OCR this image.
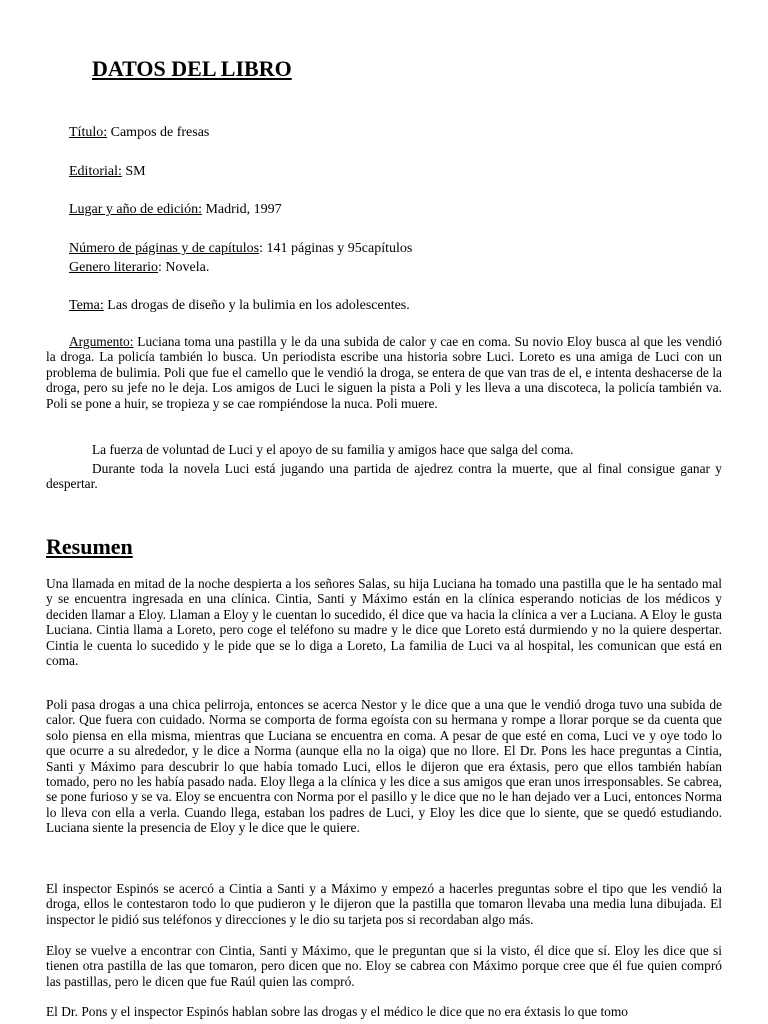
DATOS DEL LIBRO

Título: Campos de fresas

Editorial: SM

Lugar y año de edición: Madrid, 1997

Número de páginas y de capítulos: 141 páginas y 95capítulos

Genero literario: Novela.

Tema: Las drogas de diseño y la bulimia en los adolescentes.

Argumento: Luciana toma una pastilla y le da una subida de calor y cae en coma. Su novio Eloy busca al que les vendió la droga. La policía también lo busca. Un periodista escribe una historia sobre Luci. Loreto es una amiga de Luci con un problema de bulimia. Poli que fue el camello que le vendió la droga, se entera de que van tras de el, e intenta deshacerse de la droga, pero su jefe no le deja. Los amigos de Luci le siguen la pista a Poli y les lleva a una discoteca, la policía también va. Poli se pone a huir, se tropieza y se cae rompiéndose la nuca. Poli muere.

La fuerza de voluntad de Luci y el apoyo de su familia y amigos hace que salga del coma.

Durante toda la novela Luci está jugando una partida de ajedrez contra la muerte, que al final consigue ganar y despertar.

Resumen

Una llamada en mitad de la noche despierta a los señores Salas, su hija Luciana ha tomado una pastilla que le ha sentado mal y se encuentra ingresada en una clínica. Cintia, Santi y Máximo están en la clínica esperando noticias de los médicos y deciden llamar a Eloy. Llaman a Eloy y le cuentan lo sucedido, él dice que va hacia la clínica a ver a Luciana. A Eloy le gusta Luciana. Cintia llama a Loreto, pero coge el teléfono su madre y le dice que Loreto está durmiendo y no la quiere despertar. Cintia le cuenta lo sucedido y le pide que se lo diga a Loreto, La familia de Luci va al hospital, les comunican que está en coma.

Poli pasa drogas a una chica pelirroja, entonces se acerca Nestor y le dice que a una que le vendió droga tuvo una subida de calor. Que fuera con cuidado. Norma se comporta de forma egoísta con su hermana y rompe a llorar porque se da cuenta que solo piensa en ella misma, mientras que Luciana se encuentra en coma. A pesar de que esté en coma, Luci ve y oye todo lo que ocurre a su alrededor, y le dice a Norma (aunque ella no la oiga) que no llore. El Dr. Pons les hace preguntas a Cintia, Santi y Máximo para descubrir lo que había tomado Luci, ellos le dijeron que era éxtasis, pero que ellos también habían tomado, pero no les había pasado nada. Eloy llega a la clínica y les dice a sus amigos que eran unos irresponsables. Se cabrea, se pone furioso y se va. Eloy se encuentra con Norma por el pasillo y le dice que no le han dejado ver a Luci, entonces Norma lo lleva con ella a verla. Cuando llega, estaban los padres de Luci, y Eloy les dice que lo siente, que se quedó estudiando. Luciana siente la presencia de Eloy y le dice que le quiere.

El inspector Espinós se acercó a Cintia a Santi y a Máximo y empezó a hacerles preguntas sobre el tipo que les vendió la droga, ellos le contestaron todo lo que pudieron y le dijeron que la pastilla que tomaron llevaba una media luna dibujada. El inspector le pidió sus teléfonos y direcciones y le dio su tarjeta pos si recordaban algo más.

Eloy se vuelve a encontrar con Cintia, Santi y Máximo, que le preguntan que si la visto, él dice que sí. Eloy les dice que si tienen otra pastilla de las que tomaron, pero dicen que no. Eloy se cabrea con Máximo porque cree que él fue quien compró las pastillas, pero le dicen que fue Raúl quien las compró.

El Dr. Pons y el inspector Espinós hablan sobre las drogas y el médico le dice que no era éxtasis lo que tomo
